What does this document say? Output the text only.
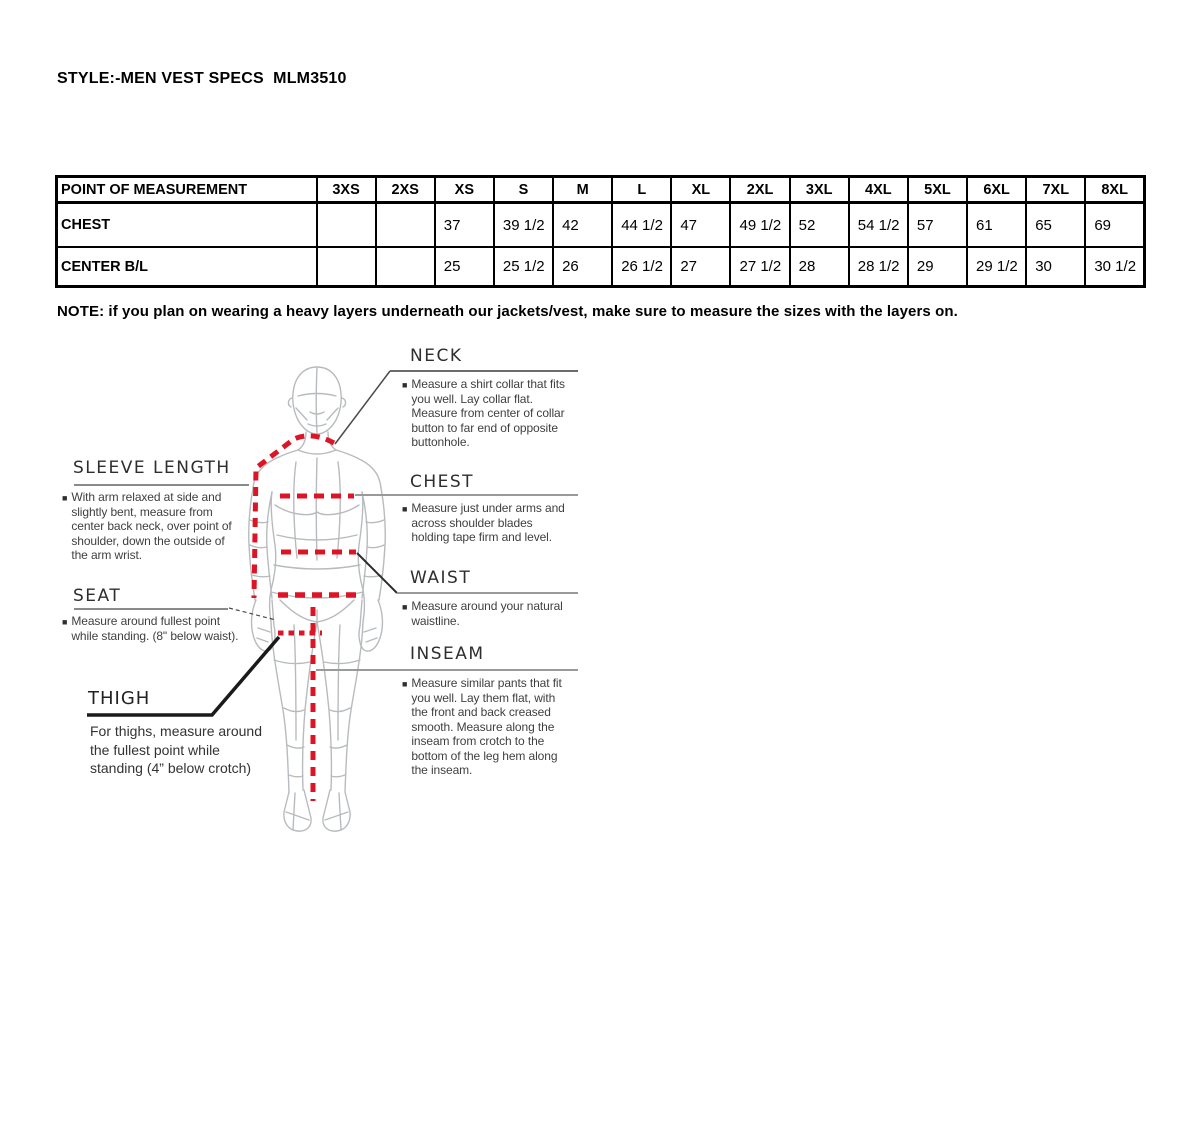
STYLE:-MEN VEST SPECS  MLM3510
POINT OF MEASUREMENT	3XS	2XS	XS	S	M	L	XL	2XL	3XL	4XL	5XL	6XL	7XL	8XL
CHEST			37	39 1/2	42	44 1/2	47	49 1/2	52	54 1/2	57	61	65	69
CENTER B/L			25	25 1/2	26	26 1/2	27	27 1/2	28	28 1/2	29	29 1/2	30	30 1/2
NOTE: if you plan on wearing a heavy layers underneath our jackets/vest, make sure to measure the sizes with the layers on.
NECK
■ Measure a shirt collar that fits you well. Lay collar flat. Measure from center of collar button to far end of opposite buttonhole.
CHEST
■ Measure just under arms and across shoulder blades holding tape firm and level.
WAIST
■ Measure around your natural waistline.
INSEAM
■ Measure similar pants that fit you well. Lay them flat, with the front and back creased smooth. Measure along the inseam from crotch to the bottom of the leg hem along the inseam.
SLEEVE LENGTH
■ With arm relaxed at side and slightly bent, measure from center back neck, over point of shoulder, down the outside of the arm wrist.
SEAT
■ Measure around fullest point while standing. (8" below waist).
THIGH
For thighs, measure around the fullest point while standing (4” below crotch)
